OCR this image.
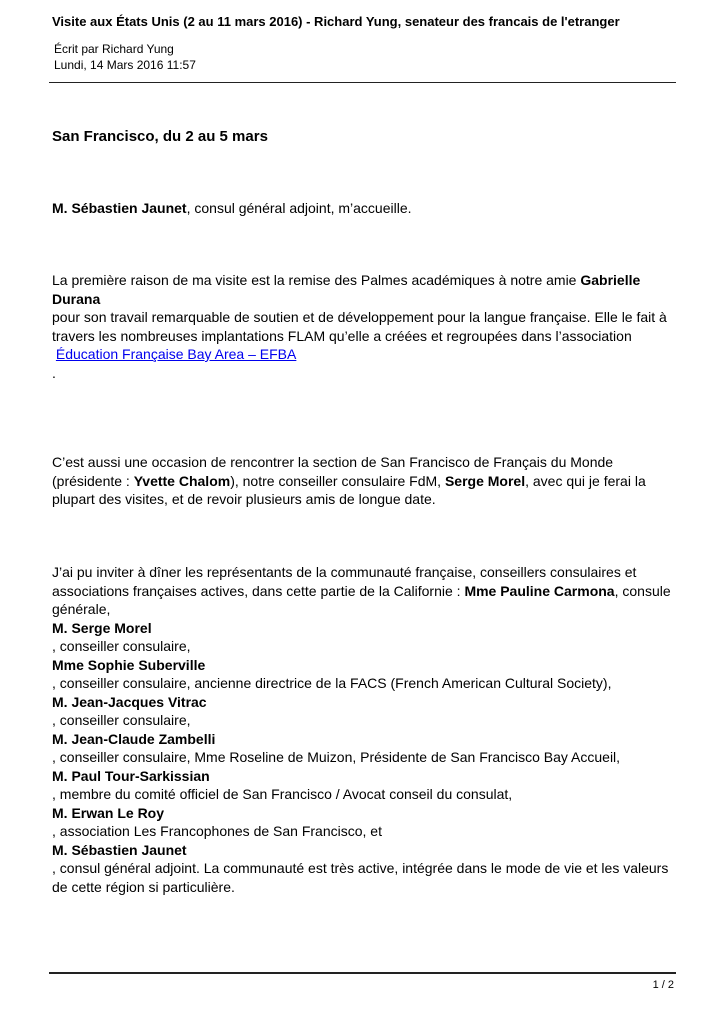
Visite aux États Unis (2 au 11 mars 2016) - Richard Yung, senateur des francais de l'etranger
Écrit par Richard Yung
Lundi, 14 Mars 2016 11:57
San Francisco, du 2 au 5 mars

M. Sébastien Jaunet, consul général adjoint, m’accueille.

La première raison de ma visite est la remise des Palmes académiques à notre amie Gabrielle Durana
pour son travail remarquable de soutien et de développement pour la langue française. Elle le fait à travers les nombreuses implantations FLAM qu’elle a créées et regroupées dans l’association
Éducation Française Bay Area – EFBA
.

C’est aussi une occasion de rencontrer la section de San Francisco de Français du Monde (présidente : Yvette Chalom), notre conseiller consulaire FdM, Serge Morel, avec qui je ferai la plupart des visites, et de revoir plusieurs amis de longue date.

J’ai pu inviter à dîner les représentants de la communauté française, conseillers consulaires et associations françaises actives, dans cette partie de la Californie : Mme Pauline Carmona, consule générale,
M. Serge Morel
, conseiller consulaire,
Mme Sophie Suberville
, conseiller consulaire, ancienne directrice de la FACS (French American Cultural Society),
M. Jean-Jacques Vitrac
, conseiller consulaire,
M. Jean-Claude Zambelli
, conseiller consulaire, Mme Roseline de Muizon, Présidente de San Francisco Bay Accueil,
M. Paul Tour-Sarkissian
, membre du comité officiel de San Francisco / Avocat conseil du consulat,
M. Erwan Le Roy
, association Les Francophones de San Francisco, et
M. Sébastien Jaunet
, consul général adjoint. La communauté est très active, intégrée dans le mode de vie et les valeurs de cette région si particulière.

1 / 2
